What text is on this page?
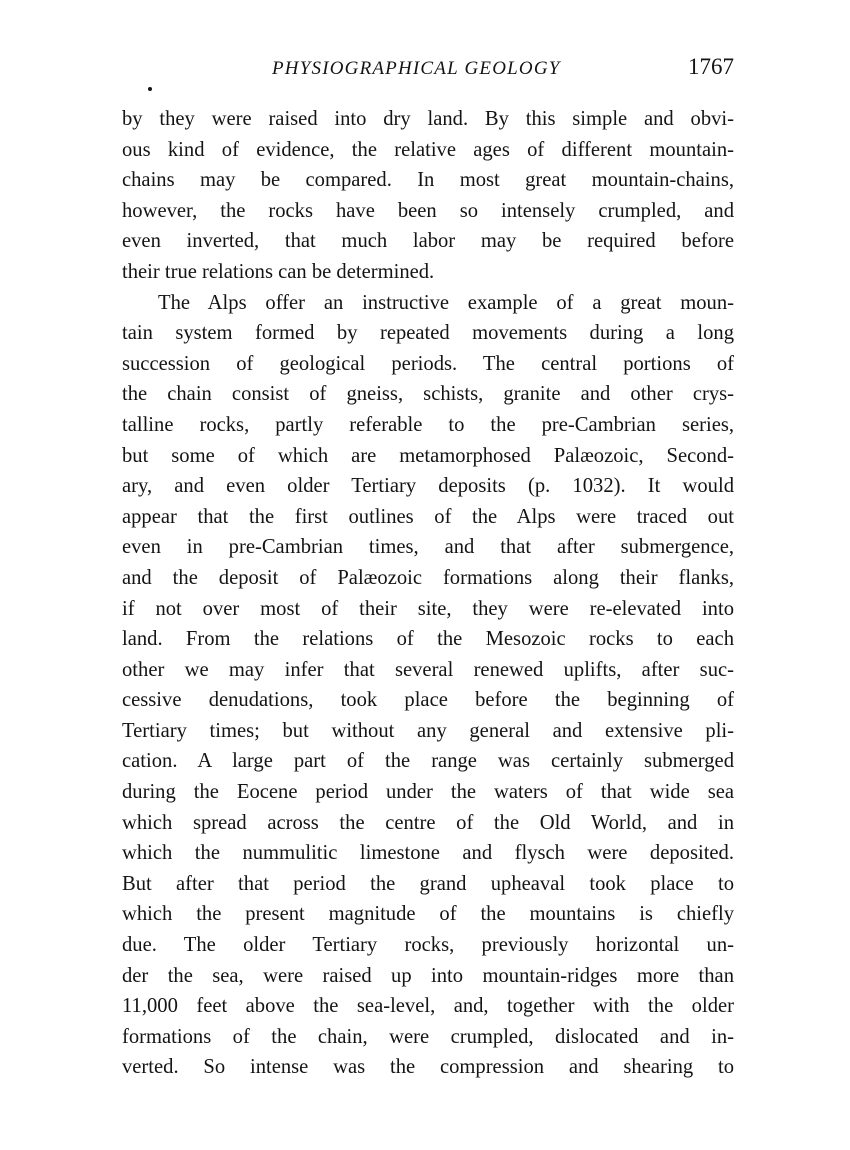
PHYSIOGRAPHICAL GEOLOGY	1767
by they were raised into dry land. By this simple and obvi-
ous kind of evidence, the relative ages of different mountain-
chains may be compared. In most great mountain-chains,
however, the rocks have been so intensely crumpled, and
even inverted, that much labor may be required before
their true relations can be determined.
The Alps offer an instructive example of a great moun-
tain system formed by repeated movements during a long
succession of geological periods. The central portions of
the chain consist of gneiss, schists, granite and other crys-
talline rocks, partly referable to the pre-Cambrian series,
but some of which are metamorphosed Palæozoic, Second-
ary, and even older Tertiary deposits (p. 1032). It would
appear that the first outlines of the Alps were traced out
even in pre-Cambrian times, and that after submergence,
and the deposit of Palæozoic formations along their flanks,
if not over most of their site, they were re-elevated into
land. From the relations of the Mesozoic rocks to each
other we may infer that several renewed uplifts, after suc-
cessive denudations, took place before the beginning of
Tertiary times; but without any general and extensive pli-
cation. A large part of the range was certainly submerged
during the Eocene period under the waters of that wide sea
which spread across the centre of the Old World, and in
which the nummulitic limestone and flysch were deposited.
But after that period the grand upheaval took place to
which the present magnitude of the mountains is chiefly
due. The older Tertiary rocks, previously horizontal un-
der the sea, were raised up into mountain-ridges more than
11,000 feet above the sea-level, and, together with the older
formations of the chain, were crumpled, dislocated and in-
verted. So intense was the compression and shearing to
